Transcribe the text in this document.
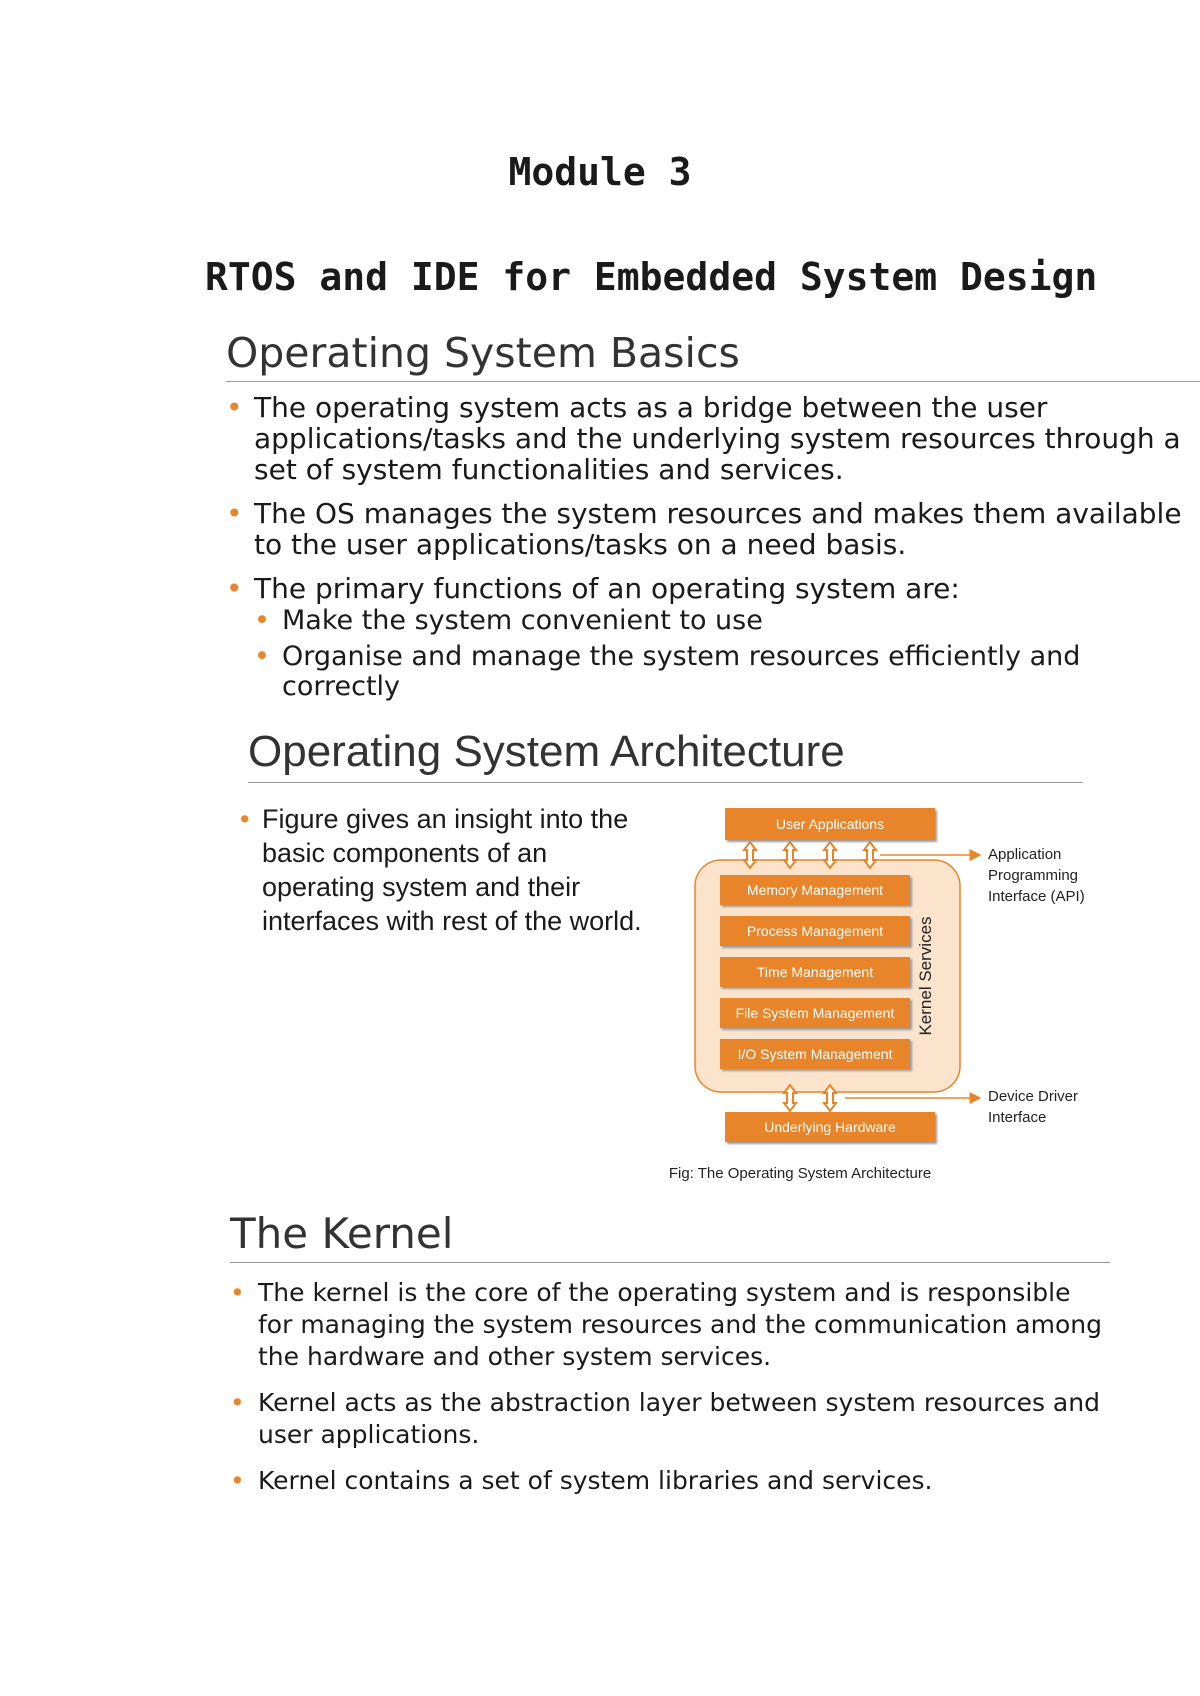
Module 3
RTOS and IDE for Embedded System Design
Operating System Basics
• The operating system acts as a bridge between the user applications/tasks and the underlying system resources through a set of system functionalities and services.
• The OS manages the system resources and makes them available to the user applications/tasks on a need basis.
• The primary functions of an operating system are:
• Make the system convenient to use
• Organise and manage the system resources efficiently and correctly
Operating System Architecture
• Figure gives an insight into the basic components of an operating system and their interfaces with rest of the world.
User Applications
Memory Management
Process Management
Time Management
File System Management
I/O System Management
Kernel Services
Underlying Hardware
Application
Programming
Interface (API)
Device Driver
Interface
Fig: The Operating System Architecture
The Kernel
• The kernel is the core of the operating system and is responsible for managing the system resources and the communication among the hardware and other system services.
• Kernel acts as the abstraction layer between system resources and user applications.
• Kernel contains a set of system libraries and services.
